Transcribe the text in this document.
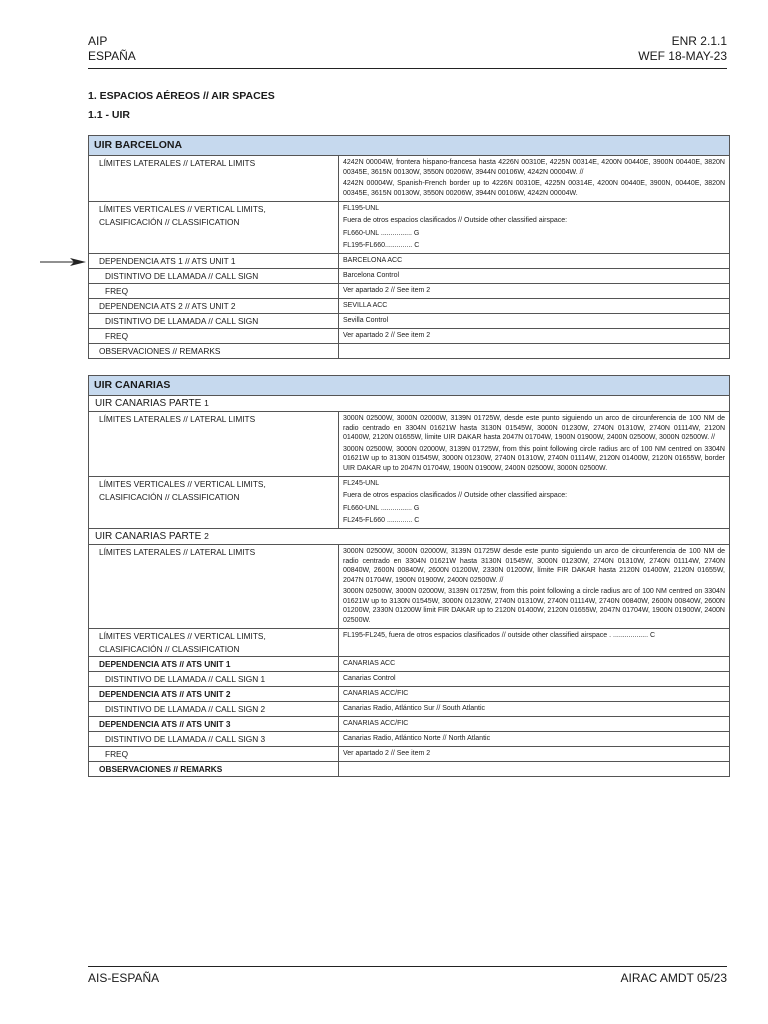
AIP
ESPAÑA
ENR 2.1.1
WEF 18-MAY-23
1. ESPACIOS AÉREOS // AIR SPACES
1.1 - UIR
UIR BARCELONA
LÍMITES LATERALES // LATERAL LIMITS	4242N 00004W, frontera hispano-francesa hasta 4226N 00310E, 4225N 00314E, 4200N 00440E, 3900N 00440E, 3820N 00345E, 3615N 00130W, 3550N 00206W, 3944N 00106W, 4242N 00004W. //

4242N 00004W, Spanish-French border up to 4226N 00310E, 4225N 00314E, 4200N 00440E, 3900N, 00440E, 3820N 00345E, 3615N 00130W, 3550N 00206W, 3944N 00106W, 4242N 00004W.

LÍMITES VERTICALES // VERTICAL LIMITS,
CLASIFICACIÓN // CLASSIFICATION

FL195-UNL

Fuera de otros espacios clasificados // Outside other classified airspace:

FL660-UNL ................ G

FL195-FL660.............. C

DEPENDENCIA ATS 1 // ATS UNIT 1	BARCELONA ACC
DISTINTIVO DE LLAMADA // CALL SIGN	Barcelona Control
FREQ	Ver apartado 2 // See item 2
DEPENDENCIA ATS 2 // ATS UNIT 2	SEVILLA ACC
DISTINTIVO DE LLAMADA // CALL SIGN	Sevilla Control
FREQ	Ver apartado 2 // See item 2
OBSERVACIONES // REMARKS
UIR CANARIAS
UIR CANARIAS PARTE 1
LÍMITES LATERALES // LATERAL LIMITS	3000N 02500W, 3000N 02000W, 3139N 01725W, desde este punto siguiendo un arco de circunferencia de 100 NM de radio centrado en 3304N 01621W hasta 3130N 01545W, 3000N 01230W, 2740N 01310W, 2740N 01114W, 2120N 01400W, 2120N 01655W, límite UIR DAKAR hasta 2047N 01704W, 1900N 01900W, 2400N 02500W, 3000N 02500W. //

3000N 02500W, 3000N 02000W, 3139N 01725W, from this point following circle radius arc of 100 NM centred on 3304N 01621W up to 3130N 01545W, 3000N 01230W, 2740N 01310W, 2740N 01114W, 2120N 01400W, 2120N 01655W, border UIR DAKAR up to 2047N 01704W, 1900N 01900W, 2400N 02500W, 3000N 02500W.

LÍMITES VERTICALES // VERTICAL LIMITS,
CLASIFICACIÓN // CLASSIFICATION

FL245-UNL

Fuera de otros espacios clasificados // Outside other classified airspace:

FL660-UNL ................ G

FL245-FL660 ............. C

UIR CANARIAS PARTE 2
LÍMITES LATERALES // LATERAL LIMITS	3000N 02500W, 3000N 02000W, 3139N 01725W desde este punto siguiendo un arco de circunferencia de 100 NM de radio centrado en 3304N 01621W hasta 3130N 01545W, 3000N 01230W, 2740N 01310W, 2740N 01114W, 2740N 00840W, 2600N 00840W, 2600N 01200W, 2330N 01200W, límite FIR DAKAR hasta 2120N 01400W, 2120N 01655W, 2047N 01704W, 1900N 01900W, 2400N 02500W. //

3000N 02500W, 3000N 02000W, 3139N 01725W, from this point following a circle radius arc of 100 NM centred on 3304N 01621W up to 3130N 01545W, 3000N 01230W, 2740N 01310W, 2740N 01114W, 2740N 00840W, 2600N 00840W, 2600N 01200W, 2330N 01200W limit FIR DAKAR up to 2120N 01400W, 2120N 01655W, 2047N 01704W, 1900N 01900W, 2400N 02500W.

LÍMITES VERTICALES // VERTICAL LIMITS,
CLASIFICACIÓN // CLASSIFICATION

FL195-FL245, fuera de otros espacios clasificados // outside other classified airspace . .................. C

DEPENDENCIA ATS // ATS UNIT 1	CANARIAS ACC
DISTINTIVO DE LLAMADA // CALL SIGN 1	Canarias Control
DEPENDENCIA ATS // ATS UNIT 2	CANARIAS ACC/FIC
DISTINTIVO DE LLAMADA // CALL SIGN 2	Canarias Radio, Atlántico Sur // South Atlantic
DEPENDENCIA ATS // ATS UNIT 3	CANARIAS ACC/FIC
DISTINTIVO DE LLAMADA // CALL SIGN 3	Canarias Radio, Atlántico Norte // North Atlantic
FREQ	Ver apartado 2 // See item 2
OBSERVACIONES // REMARKS
AIS-ESPAÑA	AIRAC AMDT 05/23
